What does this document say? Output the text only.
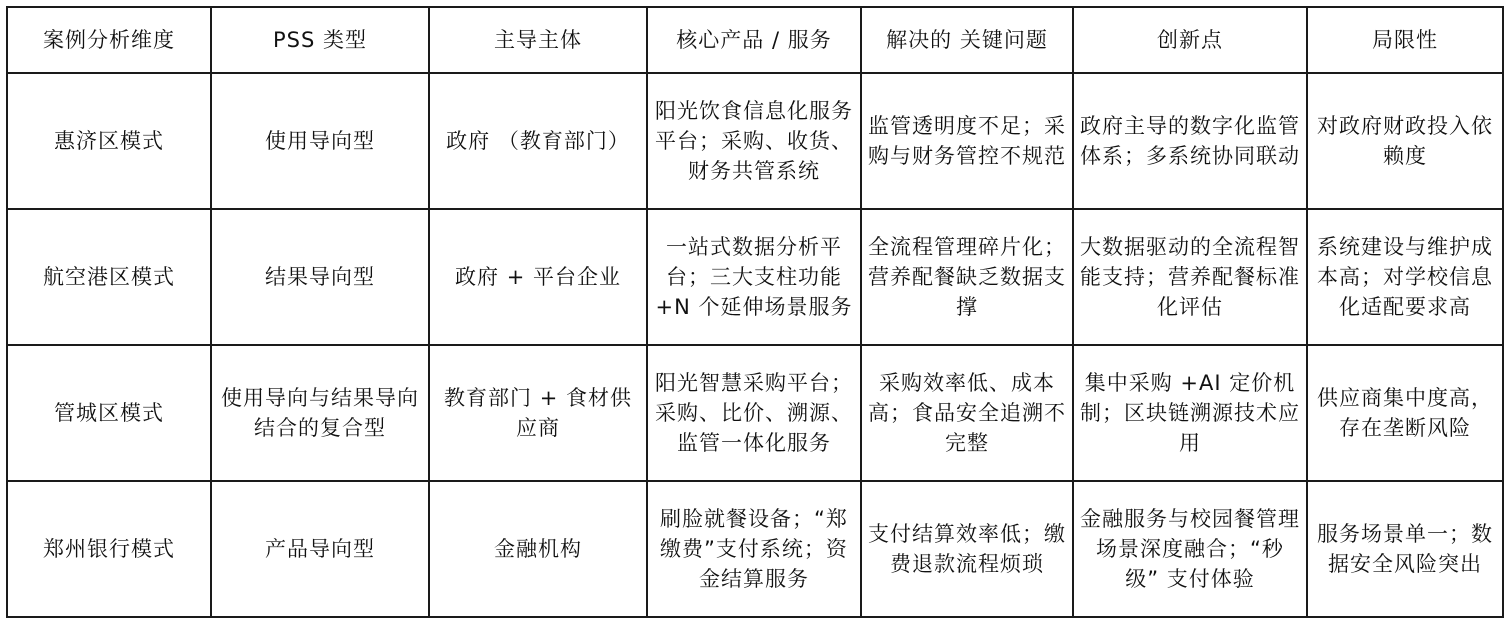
案例分析维度	PSS 类型	主导主体	核心产品 / 服务	解决的 关键问题	创新点	局限性
惠济区模式	使用导向型	政府 （教育部门）	阳光饮食信息化服务平台；采购、收货、财务共管系统	监管透明度不足；采购与财务管控不规范	政府主导的数字化监管体系；多系统协同联动	对政府财政投入依赖度
航空港区模式	结果导向型	政府 + 平台企业	一站式数据分析平台；三大支柱功能 +N 个延伸场景服务	全流程管理碎片化；营养配餐缺乏数据支撑	大数据驱动的全流程智能支持；营养配餐标准化评估	系统建设与维护成本高；对学校信息化适配要求高
管城区模式	使用导向与结果导向结合的复合型	教育部门 + 食材供应商	阳光智慧采购平台；采购、比价、溯源、监管一体化服务	采购效率低、成本高；食品安全追溯不完整	集中采购 +AI 定价机制；区块链溯源技术应用	供应商集中度高，存在垄断风险
郑州银行模式	产品导向型	金融机构	刷脸就餐设备；“郑缴费”支付系统；资金结算服务	支付结算效率低；缴费退款流程烦琐	金融服务与校园餐管理场景深度融合；“秒级” 支付体验	服务场景单一；数据安全风险突出
